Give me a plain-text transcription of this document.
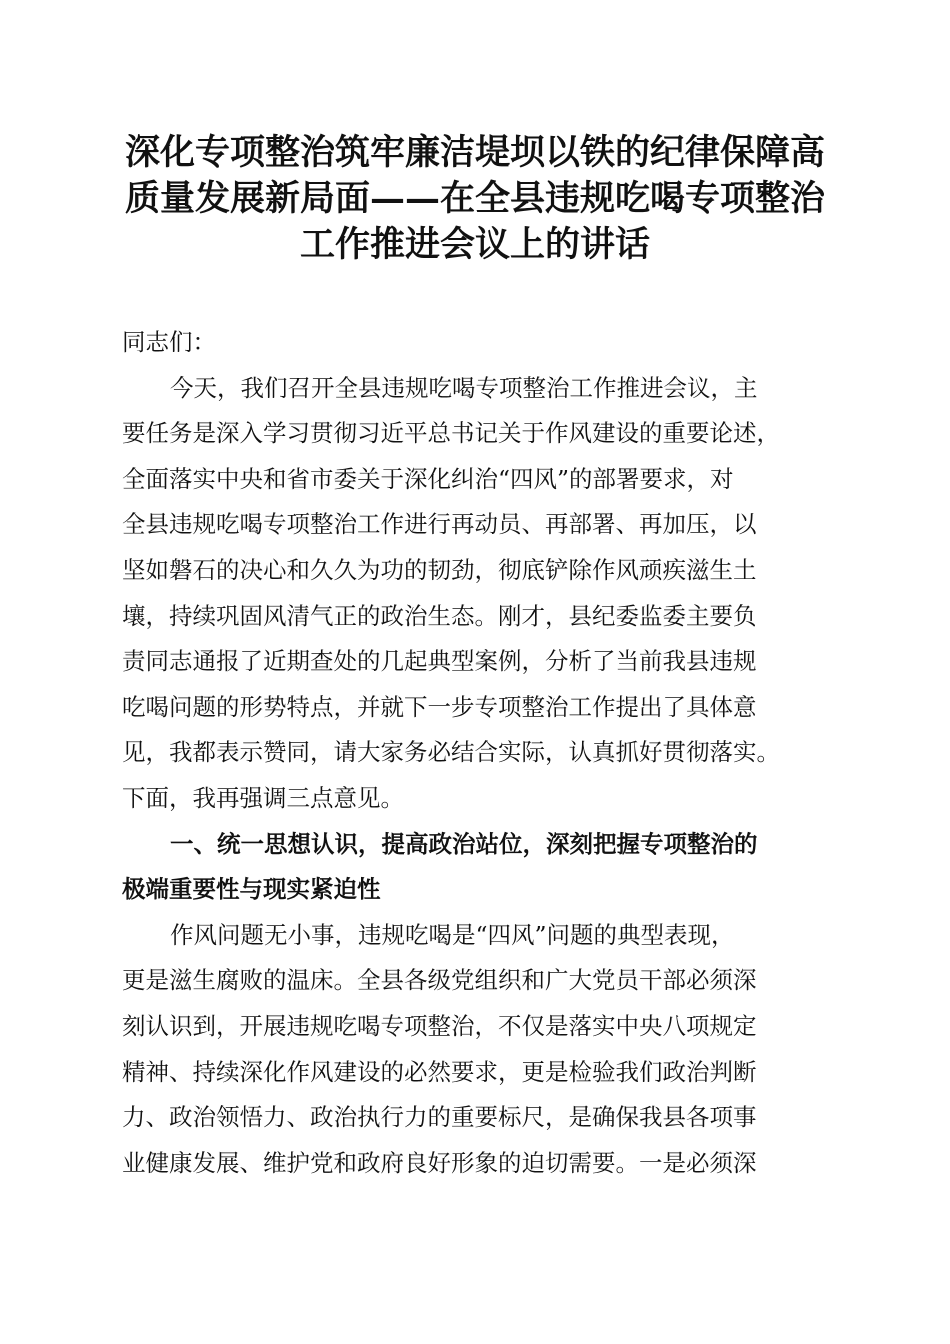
深化专项整治筑牢廉洁堤坝以铁的纪律保障高
质量发展新局面——在全县违规吃喝专项整治
工作推进会议上的讲话
同志们：
今天，我们召开全县违规吃喝专项整治工作推进会议，主
要任务是深入学习贯彻习近平总书记关于作风建设的重要论述，
全面落实中央和省市委关于深化纠治“四风”的部署要求，对
全县违规吃喝专项整治工作进行再动员、再部署、再加压，以
坚如磐石的决心和久久为功的韧劲，彻底铲除作风顽疾滋生土
壤，持续巩固风清气正的政治生态。刚才，县纪委监委主要负
责同志通报了近期查处的几起典型案例，分析了当前我县违规
吃喝问题的形势特点，并就下一步专项整治工作提出了具体意
见，我都表示赞同，请大家务必结合实际，认真抓好贯彻落实。
下面，我再强调三点意见。
一、统一思想认识，提高政治站位，深刻把握专项整治的
极端重要性与现实紧迫性
作风问题无小事，违规吃喝是“四风”问题的典型表现，
更是滋生腐败的温床。全县各级党组织和广大党员干部必须深
刻认识到，开展违规吃喝专项整治，不仅是落实中央八项规定
精神、持续深化作风建设的必然要求，更是检验我们政治判断
力、政治领悟力、政治执行力的重要标尺，是确保我县各项事
业健康发展、维护党和政府良好形象的迫切需要。一是必须深
